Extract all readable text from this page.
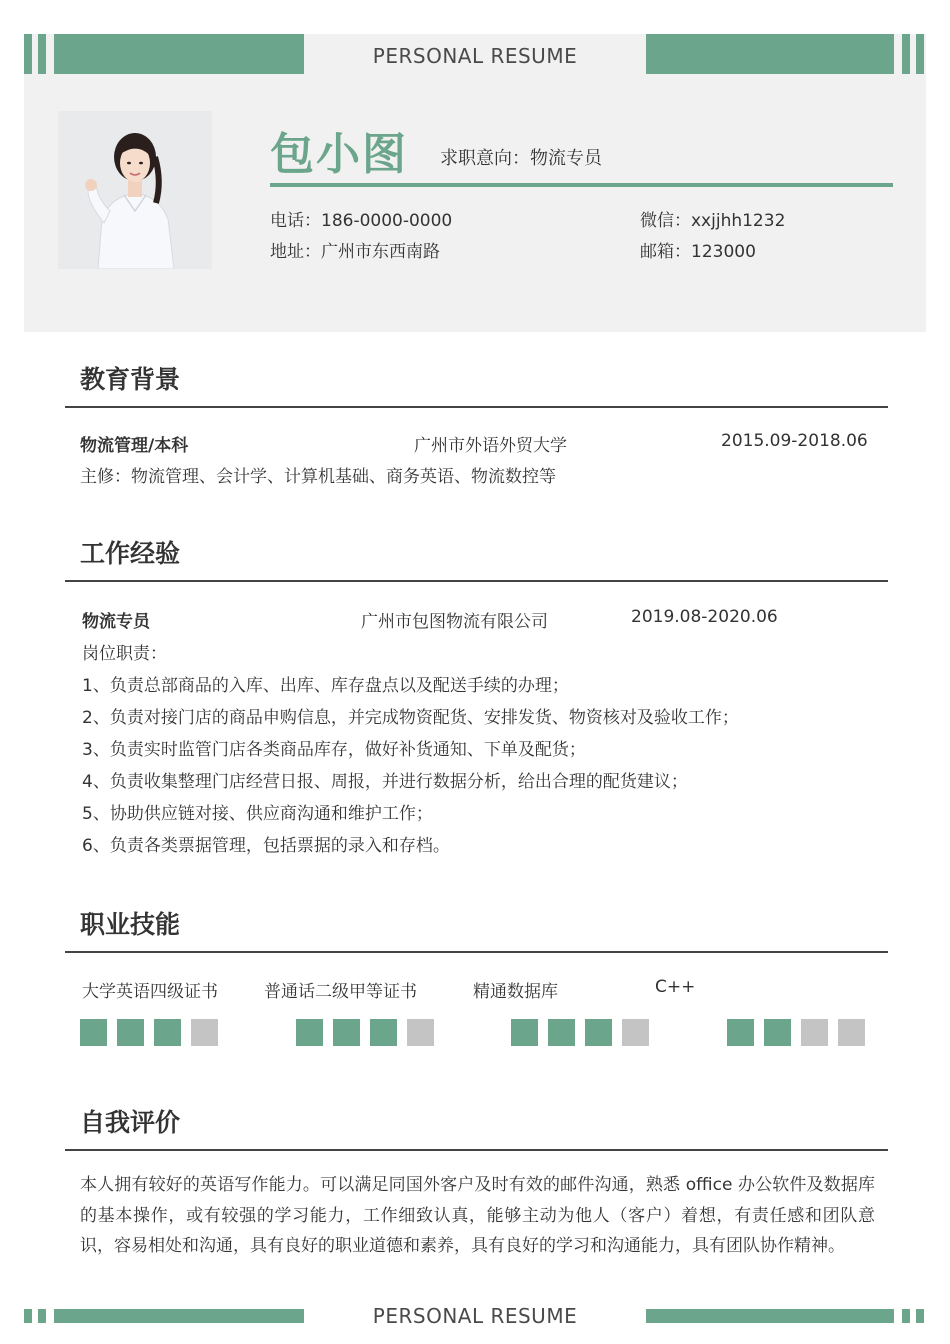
PERSONAL RESUME
包小图 求职意向：物流专员
电话：186-0000-0000	微信：xxjjhh1232
地址：广州市东西南路	邮箱：123000
教育背景
物流管理/本科	广州市外语外贸大学	2015.09-2018.06
主修：物流管理、会计学、计算机基础、商务英语、物流数控等
工作经验
物流专员	广州市包图物流有限公司	2019.08-2020.06
岗位职责：
1、负责总部商品的入库、出库、库存盘点以及配送手续的办理；
2、负责对接门店的商品申购信息，并完成物资配货、安排发货、物资核对及验收工作；
3、负责实时监管门店各类商品库存，做好补货通知、下单及配货；
4、负责收集整理门店经营日报、周报，并进行数据分析，给出合理的配货建议；
5、协助供应链对接、供应商沟通和维护工作；
6、负责各类票据管理，包括票据的录入和存档。
职业技能
大学英语四级证书	普通话二级甲等证书	精通数据库	C++
自我评价
本人拥有较好的英语写作能力。可以满足同国外客户及时有效的邮件沟通，熟悉 office 办公软件及数据库的基本操作，或有较强的学习能力，工作细致认真，能够主动为他人（客户）着想，有责任感和团队意识，容易相处和沟通，具有良好的职业道德和素养，具有良好的学习和沟通能力，具有团队协作精神。
PERSONAL RESUME
